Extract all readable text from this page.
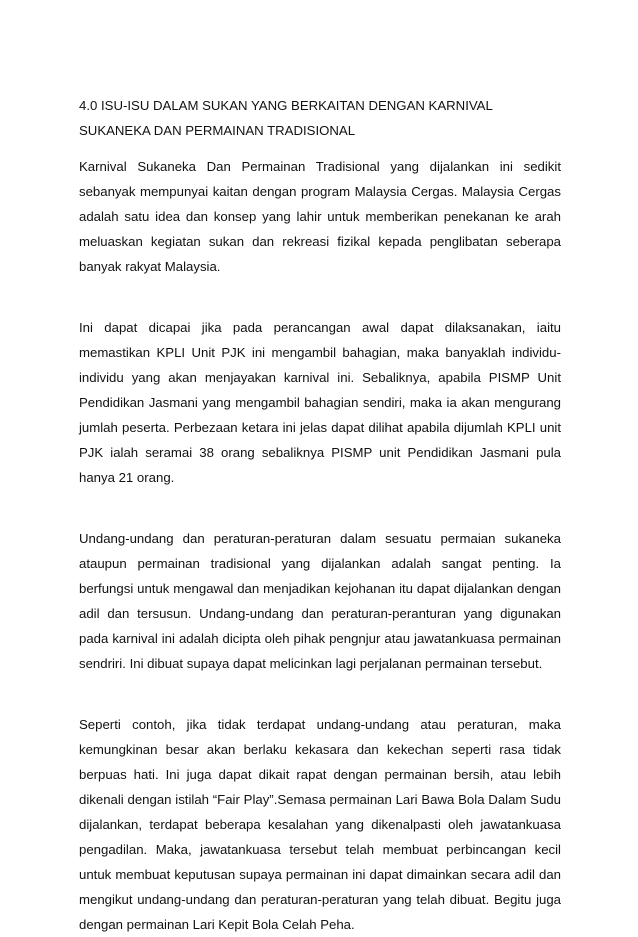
4.0 ISU-ISU DALAM SUKAN YANG BERKAITAN DENGAN KARNIVAL SUKANEKA DAN PERMAINAN TRADISIONAL

Karnival Sukaneka Dan Permainan Tradisional yang dijalankan ini sedikit sebanyak mempunyai kaitan dengan program Malaysia Cergas. Malaysia Cergas adalah satu idea dan konsep yang lahir untuk memberikan penekanan ke arah meluaskan kegiatan sukan dan rekreasi fizikal kepada penglibatan seberapa banyak rakyat Malaysia.

Ini dapat dicapai jika pada perancangan awal dapat dilaksanakan, iaitu memastikan KPLI Unit PJK ini mengambil bahagian, maka banyaklah individu-individu yang akan menjayakan karnival ini. Sebaliknya, apabila PISMP Unit Pendidikan Jasmani yang mengambil bahagian sendiri, maka ia akan mengurang jumlah peserta. Perbezaan ketara ini jelas dapat dilihat apabila dijumlah KPLI unit PJK ialah seramai 38 orang sebaliknya PISMP unit Pendidikan Jasmani pula hanya 21 orang.

Undang-undang dan peraturan-peraturan dalam sesuatu permaian sukaneka ataupun permainan tradisional yang dijalankan adalah sangat penting. Ia berfungsi untuk mengawal dan menjadikan kejohanan itu dapat dijalankan dengan adil dan tersusun. Undang-undang dan peraturan-peranturan yang digunakan pada karnival ini adalah dicipta oleh pihak pengnjur atau jawatankuasa permainan sendriri. Ini dibuat supaya dapat melicinkan lagi perjalanan permainan tersebut.

Seperti contoh, jika tidak terdapat undang-undang atau peraturan, maka kemungkinan besar akan berlaku kekasara dan kekechan seperti rasa tidak berpuas hati. Ini juga dapat dikait rapat dengan permainan bersih, atau lebih dikenali dengan istilah “Fair Play”.Semasa permainan Lari Bawa Bola Dalam Sudu dijalankan, terdapat beberapa kesalahan yang dikenalpasti oleh jawatankuasa pengadilan. Maka, jawatankuasa tersebut telah membuat perbincangan kecil untuk membuat keputusan supaya permainan ini dapat dimainkan secara adil dan mengikut undang-undang dan peraturan-peraturan yang telah dibuat. Begitu juga dengan permainan Lari Kepit Bola Celah Peha.
